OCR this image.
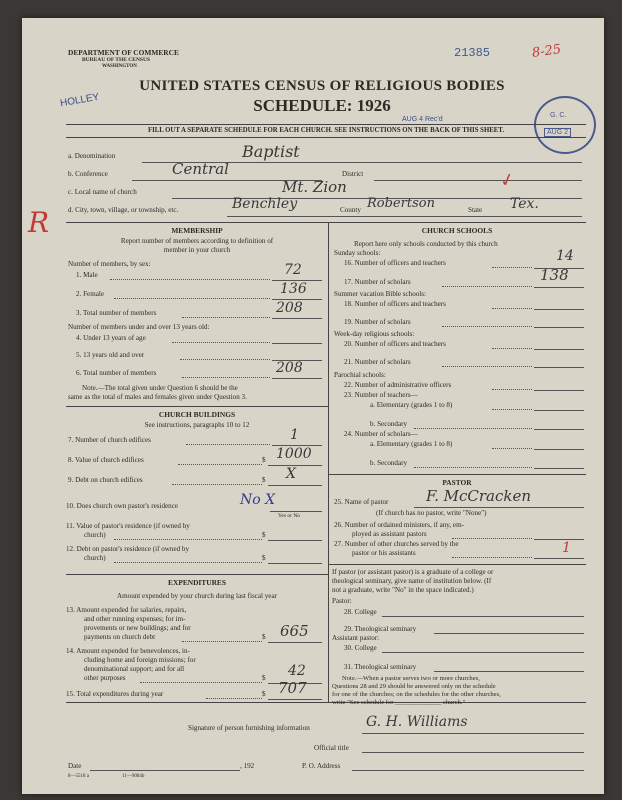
DEPARTMENT OF COMMERCE
BUREAU OF THE CENSUS
WASHINGTON
21385	8-25
UNITED STATES CENSUS OF RELIGIOUS BODIES
SCHEDULE: 1926
HOLLEY
AUG 4 Rec'd
G. C.
AUG 2
FILL OUT A SEPARATE SCHEDULE FOR EACH CHURCH. SEE INSTRUCTIONS ON THE BACK OF THIS SHEET.
a. Denomination	Baptist
b. Conference	Central	District
c. Local name of church	Mt. Zion	✓
d. City, town, village, or township, etc.	Benchley	County Robertson	State Tex.
R	MEMBERSHIP
Report number of members according to definition of
member in your church
Number of members, by sex:
1. Male	72
2. Female	136
3. Total number of members	208
Number of members under and over 13 years old:
4. Under 13 years of age
5. 13 years old and over
6. Total number of members	208
Note.—The total given under Question 6 should be the
same as the total of males and females given under Question 3.
CHURCH BUILDINGS
See instructions, paragraphs 10 to 12
7. Number of church edifices	1
8. Value of church edifices	$ 1000
9. Debt on church edifices	$ X
10. Does church own pastor's residence	No X
Yes or No
11. Value of pastor's residence (if owned by
church)	$
12. Debt on pastor's residence (if owned by
church)	$
EXPENDITURES
Amount expended by your church during last fiscal year
13. Amount expended for salaries, repairs,
and other running expenses; for im-
provements or new buildings; and for
payments on church debt	$ 665
14. Amount expended for benevolences, in-
cluding home and foreign missions; for
denominational support; and for all
other purposes	$ 42
15. Total expenditures during year	$ 707
CHURCH SCHOOLS
Report here only schools conducted by this church
Sunday schools:
16. Number of officers and teachers	14
17. Number of scholars	138
Summer vacation Bible schools:
18. Number of officers and teachers
19. Number of scholars
Week-day religious schools:
20. Number of officers and teachers
21. Number of scholars
Parochial schools:
22. Number of administrative officers
23. Number of teachers—
a. Elementary (grades 1 to 8)
b. Secondary
24. Number of scholars—
a. Elementary (grades 1 to 8)
b. Secondary
PASTOR
25. Name of pastor	F. McCracken
(If church has no pastor, write "None")
26. Number of ordained ministers, if any, em-
ployed as assistant pastors
27. Number of other churches served by the
pastor or his assistants	1
If pastor (or assistant pastor) is a graduate of a college or
theological seminary, give name of institution below. (If
not a graduate, write "No" in the space indicated.)
Pastor:
28. College
29. Theological seminary
Assistant pastor:
30. College
31. Theological seminary
Note.—When a pastor serves two or more churches,
Questions 28 and 29 should be answered only on the schedule
for one of the churches; on the schedules for the other churches,
write "See schedule for ______________ church."
Signature of person furnishing information	G. H. Williams
Official title
Date	, 192	P. O. Address
8—5518 a	11—9084b
